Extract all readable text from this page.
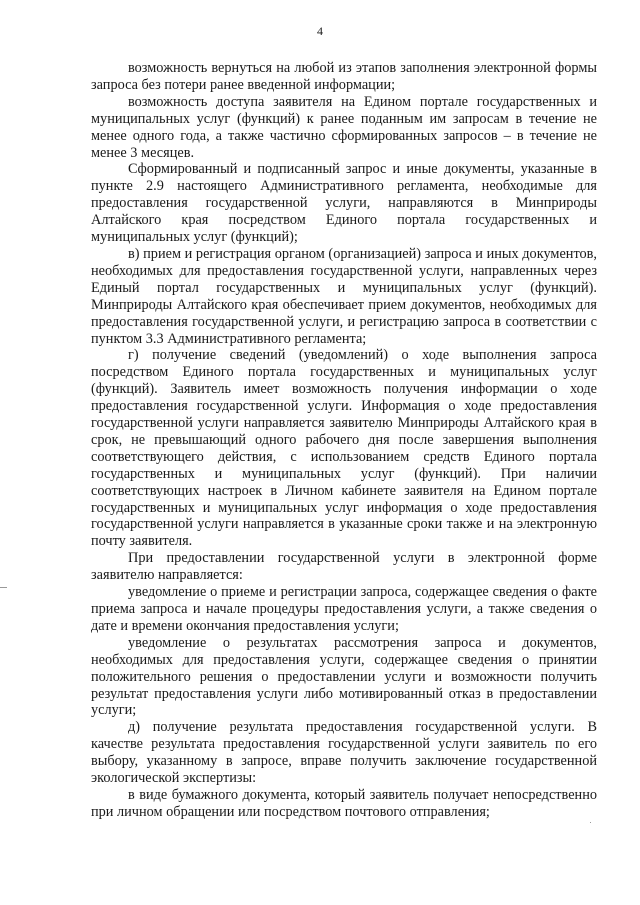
4

возможность вернуться на любой из этапов заполнения электронной формы запроса без потери ранее введенной информации;

возможность доступа заявителя на Едином портале государственных и муниципальных услуг (функций) к ранее поданным им запросам в течение не менее одного года, а также частично сформированных запросов – в течение не менее 3 месяцев.

Сформированный и подписанный запрос и иные документы, указанные в пункте 2.9 настоящего Административного регламента, необходимые для предоставления государственной услуги, направляются в Минприроды Алтайского края посредством Единого портала государственных и муниципальных услуг (функций);

в) прием и регистрация органом (организацией) запроса и иных документов, необходимых для предоставления государственной услуги, направленных через Единый портал государственных и муниципальных услуг (функций). Минприроды Алтайского края обеспечивает прием документов, необходимых для предоставления государственной услуги, и регистрацию запроса в соответствии с пунктом 3.3 Административного регламента;

г) получение сведений (уведомлений) о ходе выполнения запроса посредством Единого портала государственных и муниципальных услуг (функций). Заявитель имеет возможность получения информации о ходе предоставления государственной услуги. Информация о ходе предоставления государственной услуги направляется заявителю Минприроды Алтайского края в срок, не превышающий одного рабочего дня после завершения выполнения соответствующего действия, с использованием средств Единого портала государственных и муниципальных услуг (функций). При наличии соответствующих настроек в Личном кабинете заявителя на Едином портале государственных и муниципальных услуг информация о ходе предоставления государственной услуги направляется в указанные сроки также и на электронную почту заявителя.

При предоставлении государственной услуги в электронной форме заявителю направляется:

уведомление о приеме и регистрации запроса, содержащее сведения о факте приема запроса и начале процедуры предоставления услуги, а также сведения о дате и времени окончания предоставления услуги;

уведомление о результатах рассмотрения запроса и документов, необходимых для предоставления услуги, содержащее сведения о принятии положительного решения о предоставлении услуги и возможности получить результат предоставления услуги либо мотивированный отказ в предоставлении услуги;

д) получение результата предоставления государственной услуги. В качестве результата предоставления государственной услуги заявитель по его выбору, указанному в запросе, вправе получить заключение государственной экологической экспертизы:

в виде бумажного документа, который заявитель получает непосредственно при личном обращении или посредством почтового отправления;
